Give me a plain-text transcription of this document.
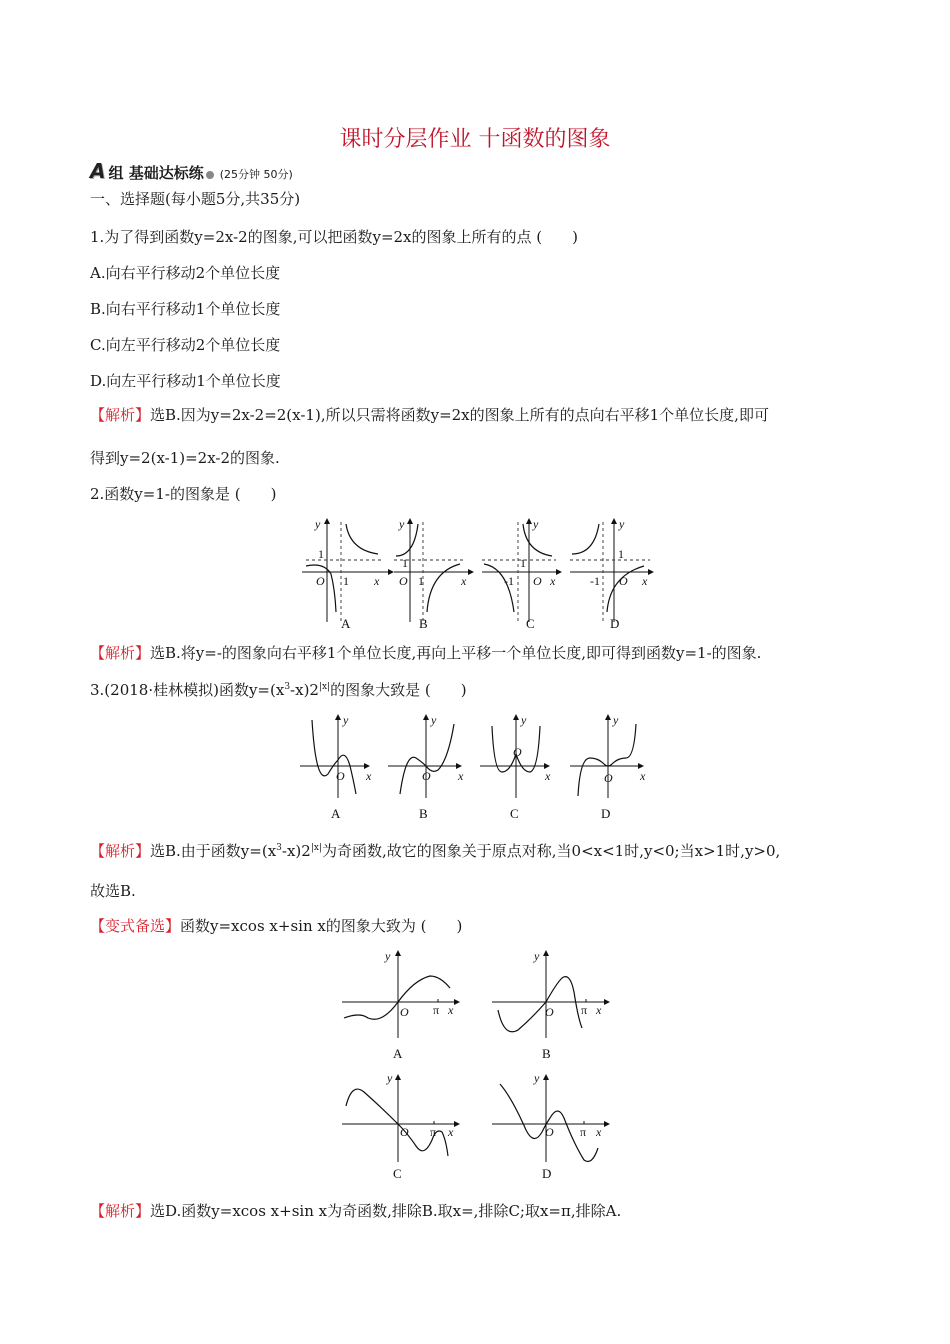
课时分层作业 十函数的图象
A 组 基础达标练 (25分钟 50分)
一、选择题(每小题5分,共35分)
1.为了得到函数y=2x-2的图象,可以把函数y=2x的图象上所有的点 (　　)
A.向右平行移动2个单位长度
B.向右平行移动1个单位长度
C.向左平行移动2个单位长度
D.向左平行移动1个单位长度
【解析】选B.因为y=2x-2=2(x-1),所以只需将函数y=2x的图象上所有的点向右平移1个单位长度,即可
得到y=2(x-1)=2x-2的图象.
2.函数y=1-的图象是 (　　)
y
1
O 1 x
A
y
1
O 1	x
B
y
1
-1 O x
C
y
1
-1 O x
D
【解析】选B.将y=-的图象向右平移1个单位长度,再向上平移一个单位长度,即可得到函数y=1-的图象.
3.(2018·桂林模拟)函数$y=(x^3-x)2^{|x|}$的图象大致是 (　　)
y
O x
A
y
O x
B
y
O
x
C
y
O x
D
【解析】选B.由于函数$y=(x^3-x)2^{|x|}$为奇函数,故它的图象关于原点对称,当0<x<1时,y<0;当x>1时,y>0,
故选B.
【变式备选】函数y=xcos x+sin x的图象大致为 (　　)
y
O π x
A
y
O π x
B
y
O π x
C
y
O π x
D
【解析】选D.函数y=xcos x+sin x为奇函数,排除B.取x=,排除C;取x=π,排除A.
